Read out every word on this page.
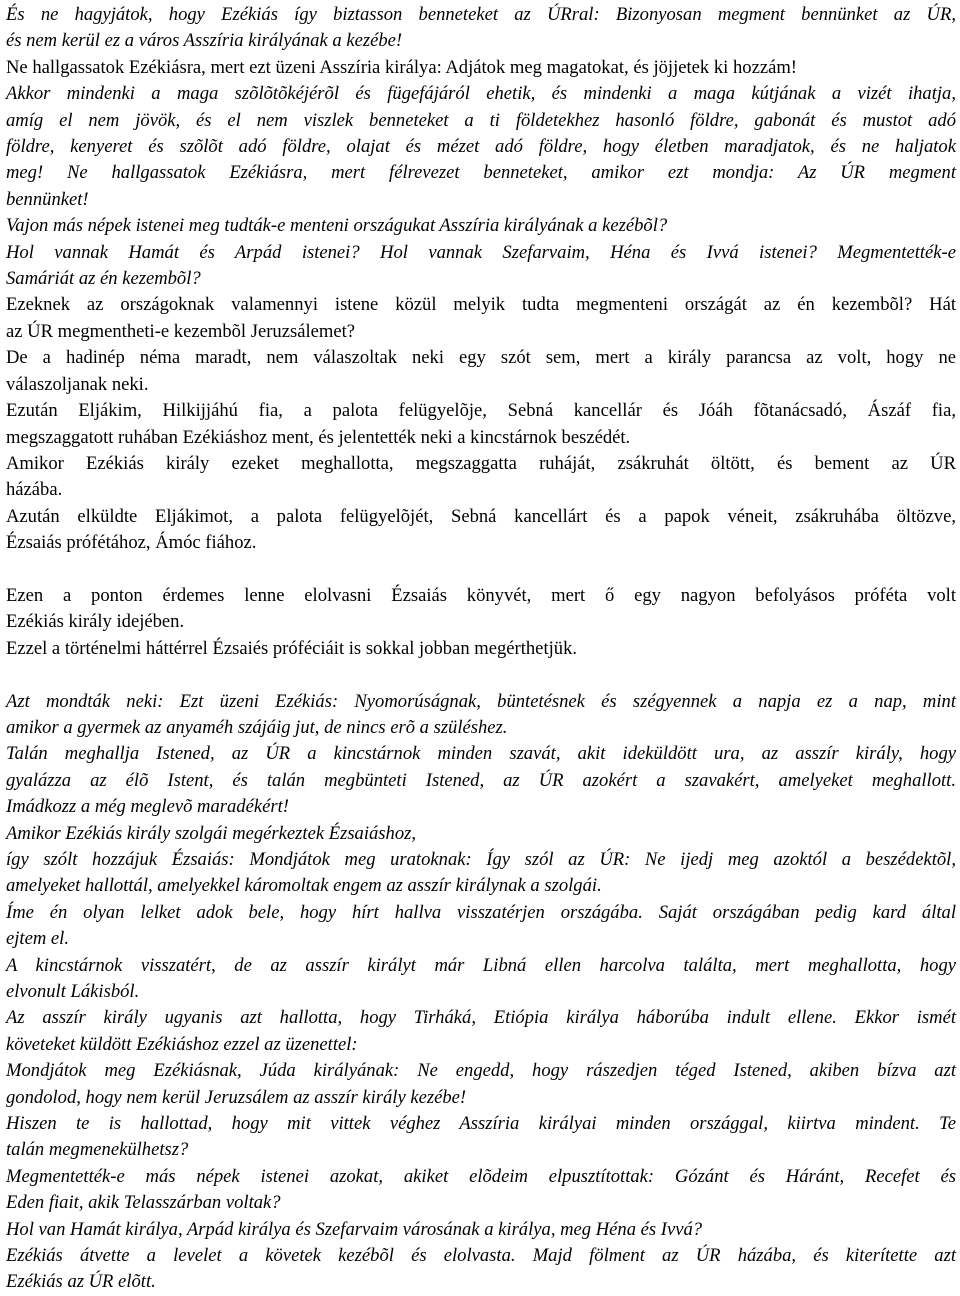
És ne hagyjátok, hogy Ezékiás így biztasson benneteket az ÚRral: Bizonyosan megment bennünket az ÚR,
és nem kerül ez a város Asszíria királyának a kezébe!
Ne hallgassatok Ezékiásra, mert ezt üzeni Asszíria királya: Adjátok meg magatokat, és jöjjetek ki hozzám!
Akkor mindenki a maga szõlõtõkéjérõl és fügefájáról ehetik, és mindenki a maga kútjának a vizét ihatja,
amíg el nem jövök, és el nem viszlek benneteket a ti földetekhez hasonló földre, gabonát és mustot adó
földre, kenyeret és szõlõt adó földre, olajat és mézet adó földre, hogy életben maradjatok, és ne haljatok
meg! Ne hallgassatok Ezékiásra, mert félrevezet benneteket, amikor ezt mondja: Az ÚR megment
bennünket!
Vajon más népek istenei meg tudták-e menteni országukat Asszíria királyának a kezébõl?
Hol vannak Hamát és Arpád istenei? Hol vannak Szefarvaim, Héna és Ivvá istenei? Megmentették-e
Samáriát az én kezembõl?
Ezeknek az országoknak valamennyi istene közül melyik tudta megmenteni országát az én kezembõl? Hát
az ÚR megmentheti-e kezembõl Jeruzsálemet?
De a hadinép néma maradt, nem válaszoltak neki egy szót sem, mert a király parancsa az volt, hogy ne
válaszoljanak neki.
Ezután Eljákim, Hilkijjáhú fia, a palota felügyelõje, Sebná kancellár és Jóáh fõtanácsadó, Ászáf fia,
megszaggatott ruhában Ezékiáshoz ment, és jelentették neki a kincstárnok beszédét.
Amikor Ezékiás király ezeket meghallotta, megszaggatta ruháját, zsákruhát öltött, és bement az ÚR
házába.
Azután elküldte Eljákimot, a palota felügyelõjét, Sebná kancellárt és a papok véneit, zsákruhába öltözve,
Ézsaiás prófétához, Ámóc fiához.
Ezen a ponton érdemes lenne elolvasni Ézsaiás könyvét, mert ő egy nagyon befolyásos próféta volt
Ezékiás király idejében.
Ezzel a történelmi háttérrel Ézsaiés próféciáit is sokkal jobban megérthetjük.
Azt mondták neki: Ezt üzeni Ezékiás: Nyomorúságnak, büntetésnek és szégyennek a napja ez a nap, mint
amikor a gyermek az anyaméh szájáig jut, de nincs erõ a szüléshez.
Talán meghallja Istened, az ÚR a kincstárnok minden szavát, akit ideküldött ura, az asszír király, hogy
gyalázza az élõ Istent, és talán megbünteti Istened, az ÚR azokért a szavakért, amelyeket meghallott.
Imádkozz a még meglevõ maradékért!
Amikor Ezékiás király szolgái megérkeztek Ézsaiáshoz,
így szólt hozzájuk Ézsaiás: Mondjátok meg uratoknak: Így szól az ÚR: Ne ijedj meg azoktól a beszédektõl,
amelyeket hallottál, amelyekkel káromoltak engem az asszír királynak a szolgái.
Íme én olyan lelket adok bele, hogy hírt hallva visszatérjen országába. Saját országában pedig kard által
ejtem el.
A kincstárnok visszatért, de az asszír királyt már Libná ellen harcolva találta, mert meghallotta, hogy
elvonult Lákisból.
Az asszír király ugyanis azt hallotta, hogy Tirháká, Etiópia királya háborúba indult ellene. Ekkor ismét
követeket küldött Ezékiáshoz ezzel az üzenettel:
Mondjátok meg Ezékiásnak, Júda királyának: Ne engedd, hogy rászedjen téged Istened, akiben bízva azt
gondolod, hogy nem kerül Jeruzsálem az asszír király kezébe!
Hiszen te is hallottad, hogy mit vittek véghez Asszíria királyai minden országgal, kiirtva mindent. Te
talán megmenekülhetsz?
Megmentették-e más népek istenei azokat, akiket elõdeim elpusztítottak: Gózánt és Háránt, Recefet és
Eden fiait, akik Telasszárban voltak?
Hol van Hamát királya, Arpád királya és Szefarvaim városának a királya, meg Héna és Ivvá?
Ezékiás átvette a levelet a követek kezébõl és elolvasta. Majd fölment az ÚR házába, és kiterítette azt
Ezékiás az ÚR elõtt.
